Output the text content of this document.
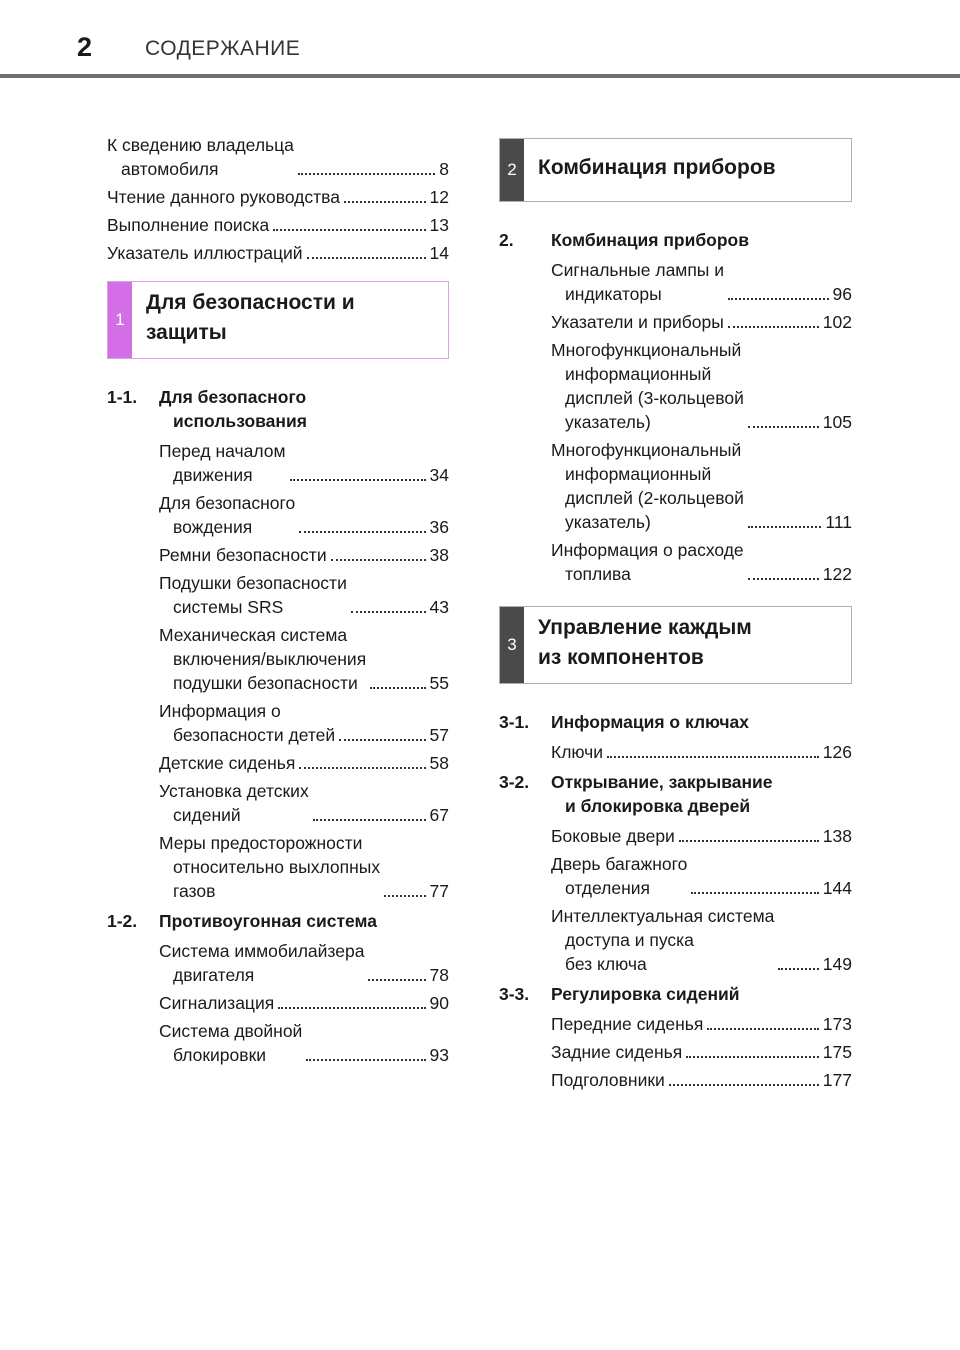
2	СОДЕРЖАНИЕ
К сведению владельца
автомобиля	8
Чтение данного руководства	12
Выполнение поиска	13
Указатель иллюстраций	14
1
Для безопасности и
защиты
1-1.	Для безопасного
использования
Перед началом
движения	34
Для безопасного
вождения	36
Ремни безопасности	38
Подушки безопасности
системы SRS	43
Механическая система
включения/выключения
подушки безопасности	55
Информация о
безопасности детей	57
Детские сиденья	58
Установка детских
сидений	67
Меры предосторожности
относительно выхлопных
газов	77
1-2.	Противоугонная система
Система иммобилайзера
двигателя	78
Сигнализация	90
Система двойной
блокировки	93
2	Комбинация приборов
2.	Комбинация приборов
Сигнальные лампы и
индикаторы	96
Указатели и приборы	102
Многофункциональный
информационный
дисплей (3-кольцевой
указатель)	105
Многофункциональный
информационный
дисплей (2-кольцевой
указатель)	111
Информация о расходе
топлива	122
3
Управление каждым
из компонентов
3-1.	Информация о ключах
Ключи	126
3-2.	Открывание, закрывание
и блокировка дверей
Боковые двери	138
Дверь багажного
отделения	144
Интеллектуальная система
доступа и пуска
без ключа	149
3-3.	Регулировка сидений
Передние сиденья	173
Задние сиденья	175
Подголовники	177
